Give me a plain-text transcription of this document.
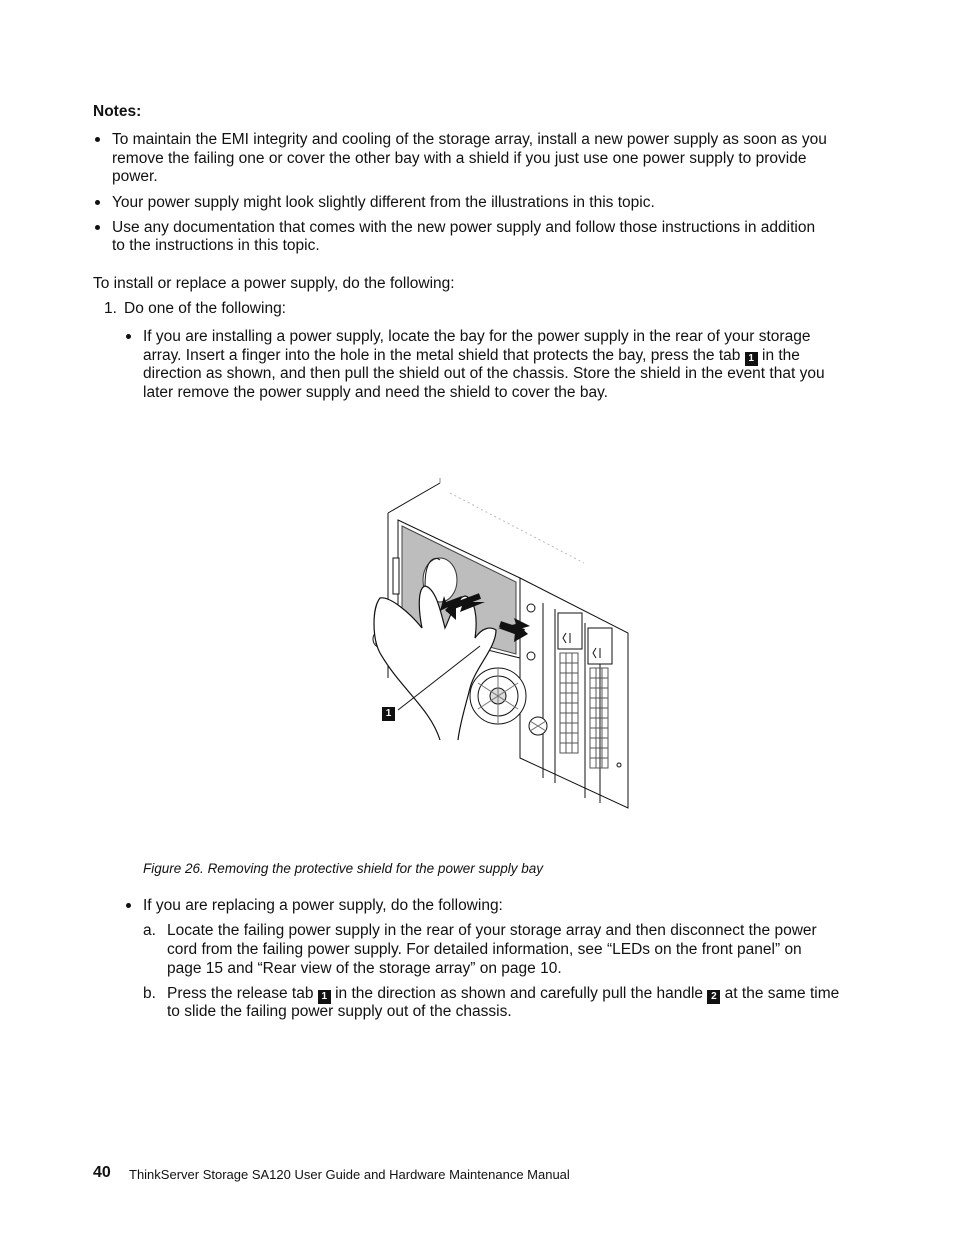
Notes:
To maintain the EMI integrity and cooling of the storage array, install a new power supply as soon as you
remove the failing one or cover the other bay with a shield if you just use one power supply to provide
power.
Your power supply might look slightly different from the illustrations in this topic.
Use any documentation that comes with the new power supply and follow those instructions in addition
to the instructions in this topic.
To install or replace a power supply, do the following:
1. Do one of the following:
If you are installing a power supply, locate the bay for the power supply in the rear of your storage
array. Insert a finger into the hole in the metal shield that protects the bay, press the tab 1 in the
direction as shown, and then pull the shield out of the chassis. Store the shield in the event that you
later remove the power supply and need the shield to cover the bay.
1
Figure 26. Removing the protective shield for the power supply bay
If you are replacing a power supply, do the following:
a. Locate the failing power supply in the rear of your storage array and then disconnect the power
cord from the failing power supply. For detailed information, see “LEDs on the front panel” on
page 15 and “Rear view of the storage array” on page 10.
b. Press the release tab 1 in the direction as shown and carefully pull the handle 2 at the same time
to slide the failing power supply out of the chassis.
40 ThinkServer Storage SA120 User Guide and Hardware Maintenance Manual
